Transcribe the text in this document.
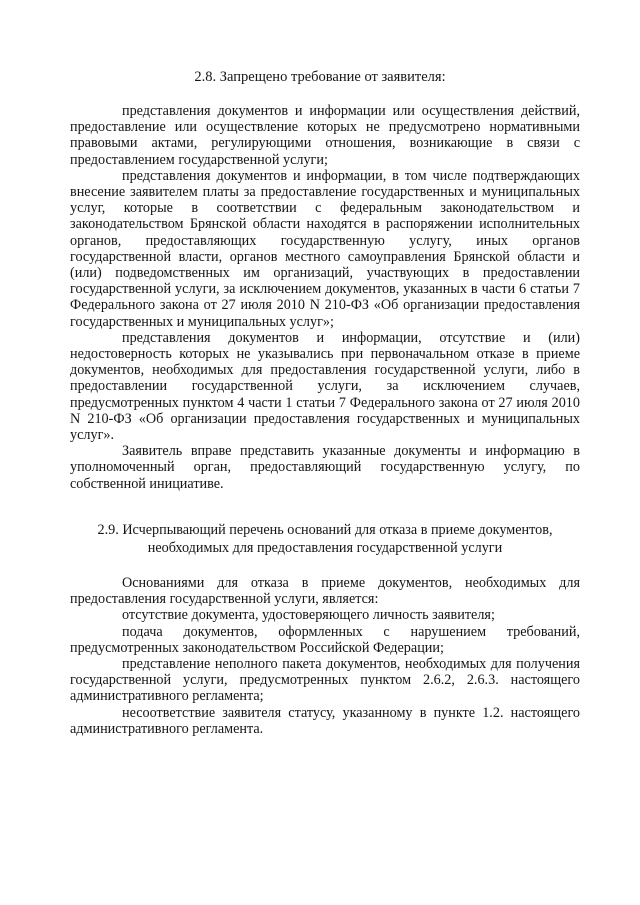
2.8. Запрещено требование от заявителя:

представления документов и информации или осуществления действий, предоставление или осуществление которых не предусмотрено нормативными правовыми актами, регулирующими отношения, возникающие в связи с предоставлением государственной услуги;

представления документов и информации, в том числе подтверждающих внесение заявителем платы за предоставление государственных и муниципальных услуг, которые в соответствии с федеральным законодательством и законодательством Брянской области находятся в распоряжении исполнительных органов, предоставляющих государственную услугу, иных органов государственной власти, органов местного самоуправления Брянской области и (или) подведомственных им организаций, участвующих в предоставлении государственной услуги, за исключением документов, указанных в части 6 статьи 7 Федерального закона от 27 июля 2010 N 210-ФЗ «Об организации предоставления государственных и муниципальных услуг»;

представления документов и информации, отсутствие и (или) недостоверность которых не указывались при первоначальном отказе в приеме документов, необходимых для предоставления государственной услуги, либо в предоставлении государственной услуги, за исключением случаев, предусмотренных пунктом 4 части 1 статьи 7 Федерального закона от 27 июля 2010 N 210-ФЗ «Об организации предоставления государственных и муниципальных услуг».

Заявитель вправе представить указанные документы и информацию в уполномоченный орган, предоставляющий государственную услугу, по собственной инициативе.

2.9. Исчерпывающий перечень оснований для отказа в приеме документов,
необходимых для предоставления государственной услуги

Основаниями для отказа в приеме документов, необходимых для предоставления государственной услуги, является:

отсутствие документа, удостоверяющего личность заявителя;

подача документов, оформленных с нарушением требований, предусмотренных законодательством Российской Федерации;

представление неполного пакета документов, необходимых для получения государственной услуги, предусмотренных пунктом 2.6.2, 2.6.3. настоящего административного регламента;

несоответствие заявителя статусу, указанному в пункте 1.2. настоящего административного регламента.
